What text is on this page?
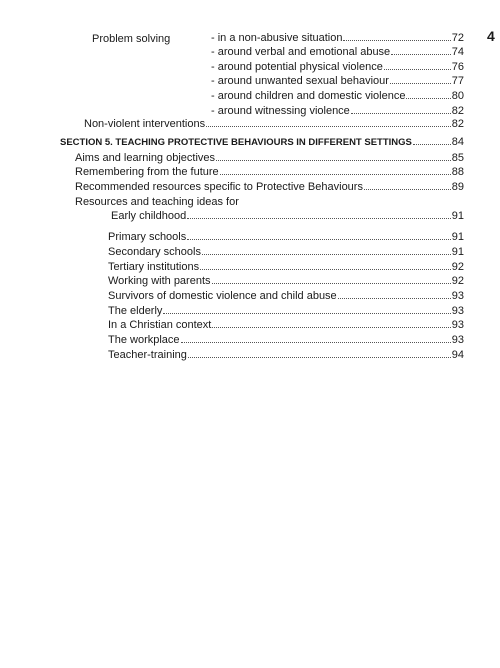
4
Problem solving	- in a non-abusive situation	72
- around verbal and emotional abuse	74
- around potential physical violence	76
- around unwanted sexual behaviour	77
- around children and domestic violence	80
- around witnessing violence	82
Non-violent interventions	82
SECTION 5. TEACHING PROTECTIVE BEHAVIOURS IN DIFFERENT SETTINGS	84
Aims and learning objectives	85
Remembering from the future	88
Recommended resources specific to Protective Behaviours	89
Resources and teaching ideas for
Early childhood	91
Primary schools	91
Secondary schools	91
Tertiary institutions	92
Working with parents	92
Survivors of domestic violence and child abuse	93
The elderly	93
In a Christian context	93
The workplace	93
Teacher-training	94
